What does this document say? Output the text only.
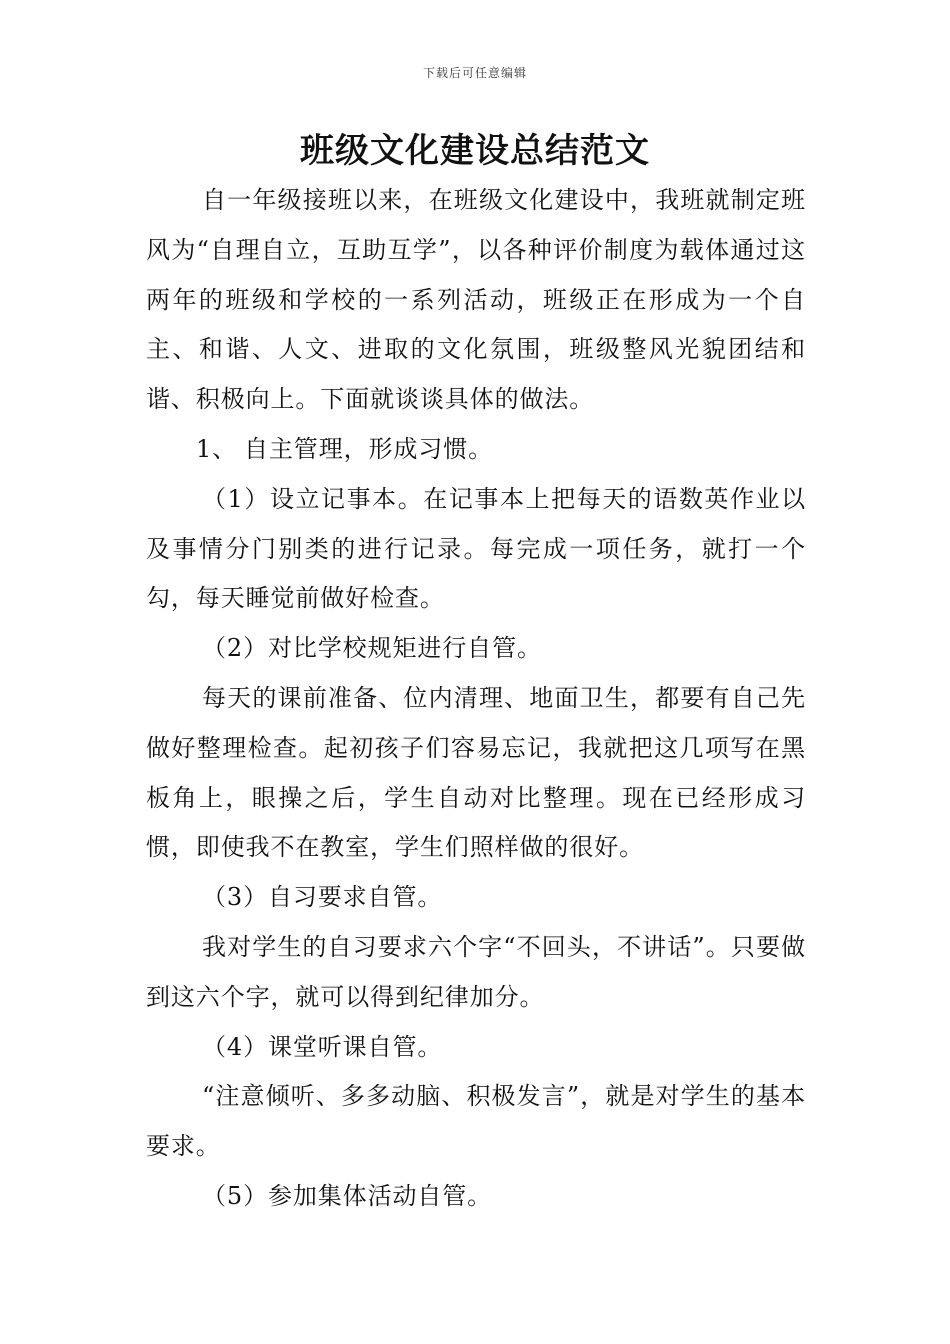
下载后可任意编辑
班级文化建设总结范文

自一年级接班以来，在班级文化建设中，我班就制定班风为“自理自立，互助互学”，以各种评价制度为载体通过这两年的班级和学校的一系列活动，班级正在形成为一个自主、和谐、人文、进取的文化氛围，班级整风光貌团结和谐、积极向上。下面就谈谈具体的做法。

1、 自主管理，形成习惯。

（1）设立记事本。在记事本上把每天的语数英作业以及事情分门别类的进行记录。每完成一项任务，就打一个勾，每天睡觉前做好检查。

（2）对比学校规矩进行自管。

每天的课前准备、位内清理、地面卫生，都要有自己先做好整理检查。起初孩子们容易忘记，我就把这几项写在黑板角上，眼操之后，学生自动对比整理。现在已经形成习惯，即使我不在教室，学生们照样做的很好。

（3）自习要求自管。

我对学生的自习要求六个字“不回头，不讲话”。只要做到这六个字，就可以得到纪律加分。

（4）课堂听课自管。

“注意倾听、多多动脑、积极发言”，就是对学生的基本要求。

（5）参加集体活动自管。
